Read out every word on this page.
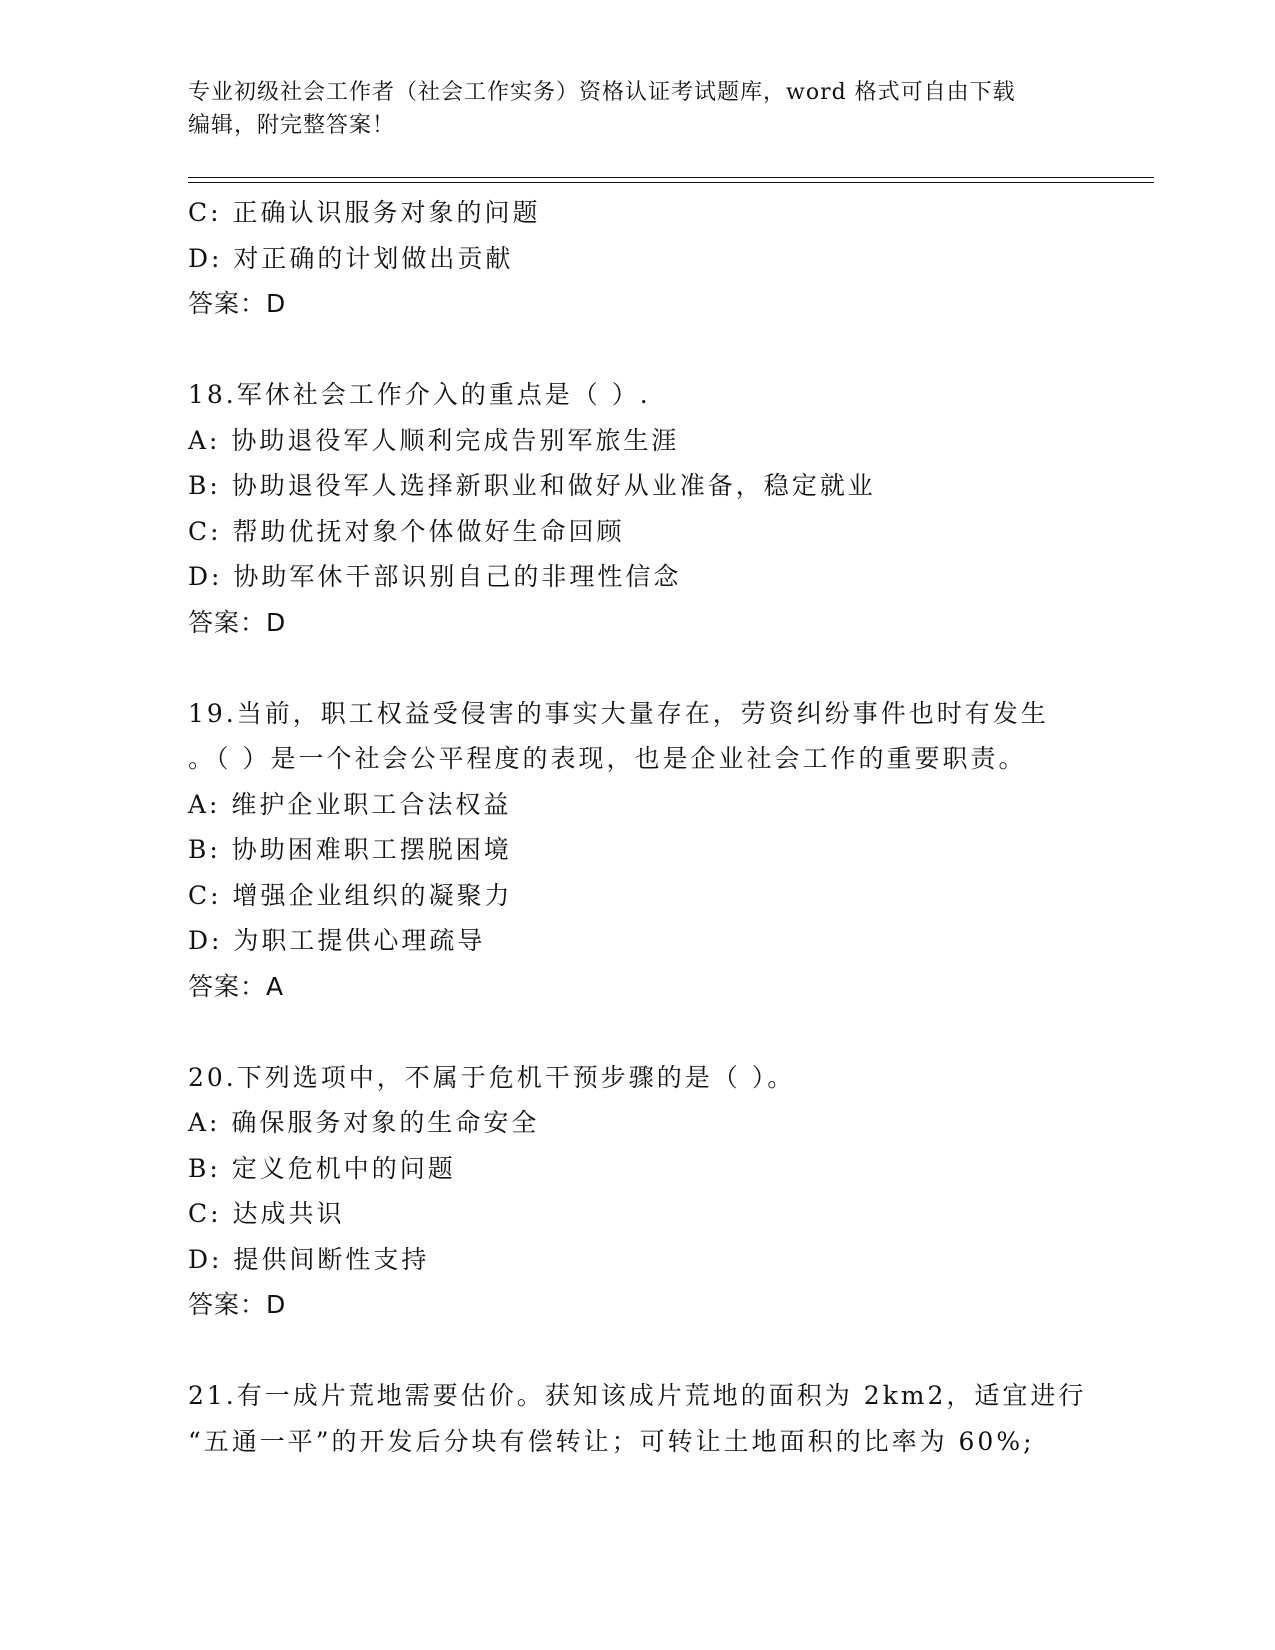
专业初级社会工作者（社会工作实务）资格认证考试题库，word 格式可自由下载

编辑，附完整答案！

C: 正确认识服务对象的问题

D: 对正确的计划做出贡献

答案：D

18.军休社会工作介入的重点是（ ）.

A: 协助退役军人顺利完成告别军旅生涯

B: 协助退役军人选择新职业和做好从业准备，稳定就业

C: 帮助优抚对象个体做好生命回顾

D: 协助军休干部识别自己的非理性信念

答案：D

19.当前，职工权益受侵害的事实大量存在，劳资纠纷事件也时有发生

。（ ）是一个社会公平程度的表现，也是企业社会工作的重要职责。

A: 维护企业职工合法权益

B: 协助困难职工摆脱困境

C: 增强企业组织的凝聚力

D: 为职工提供心理疏导

答案：A

20.下列选项中，不属于危机干预步骤的是（ ）。

A: 确保服务对象的生命安全

B: 定义危机中的问题

C: 达成共识

D: 提供间断性支持

答案：D

21.有一成片荒地需要估价。获知该成片荒地的面积为 2km2，适宜进行

“五通一平”的开发后分块有偿转让；可转让土地面积的比率为 60%;
